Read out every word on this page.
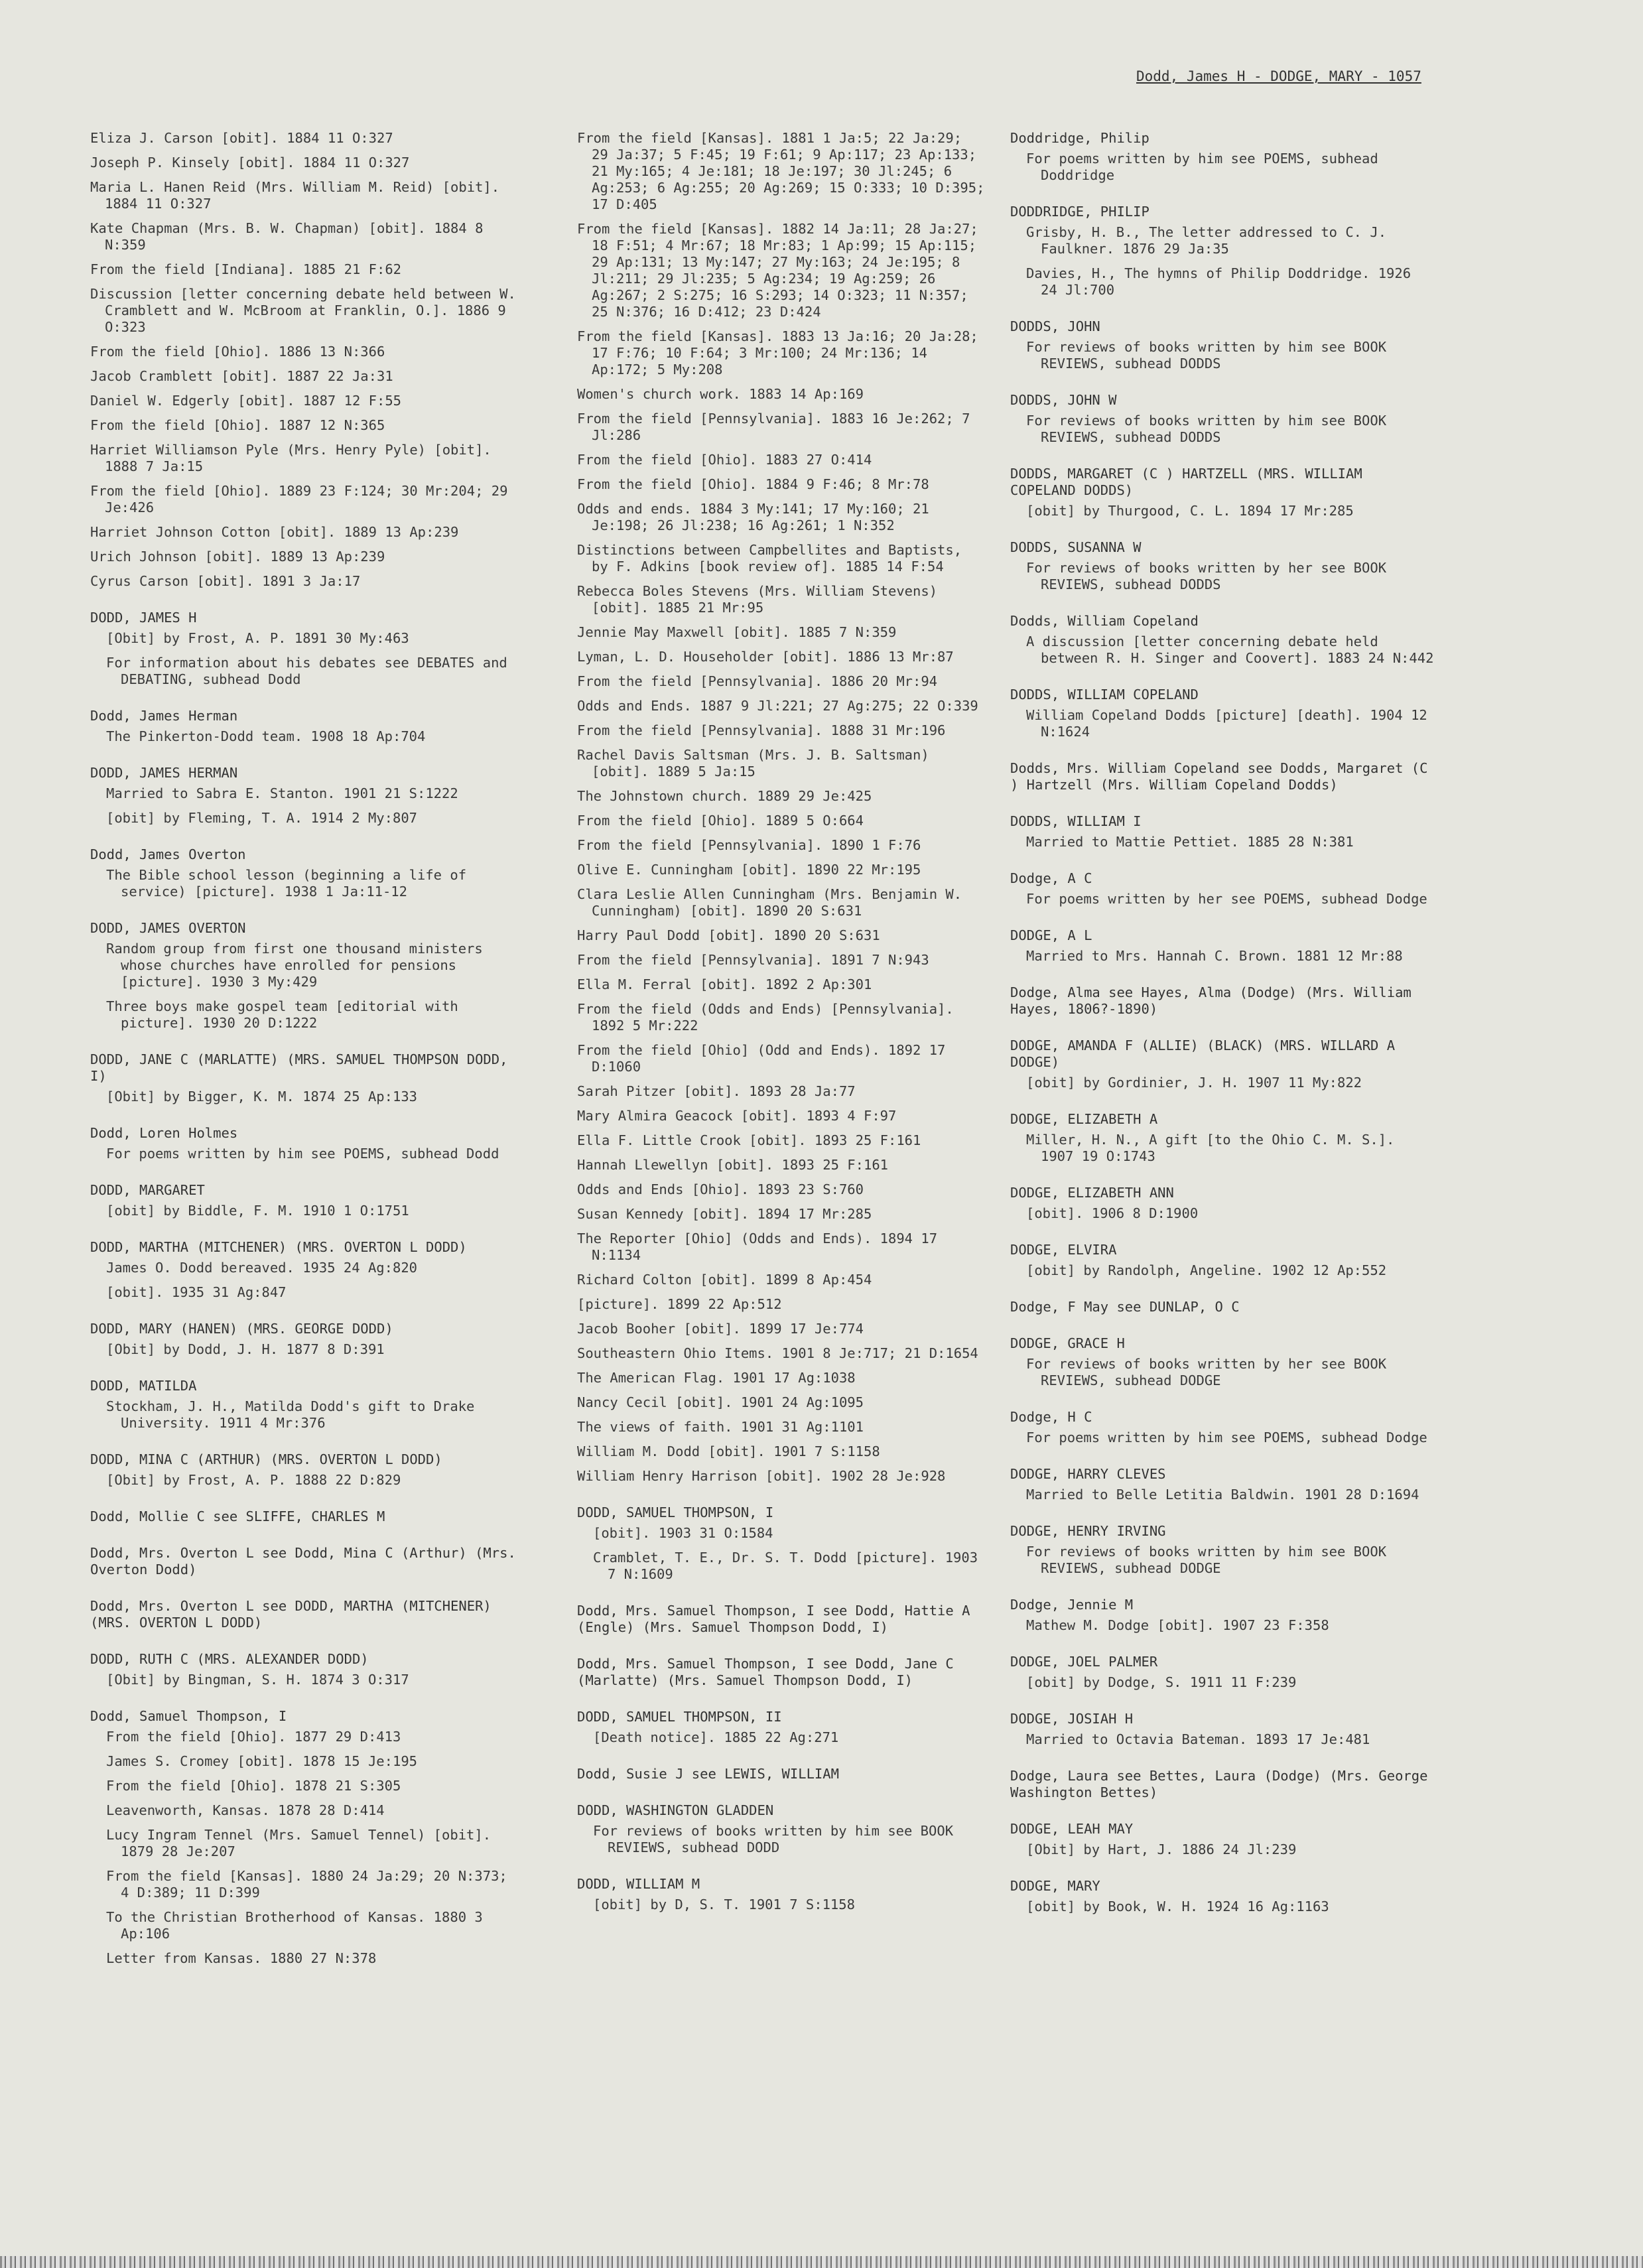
Dodd, James H - DODGE, MARY - 1057
Eliza J. Carson [obit]. 1884 11 O:327
Joseph P. Kinsely [obit]. 1884 11 O:327
Maria L. Hanen Reid (Mrs. William M. Reid) [obit]. 1884 11 O:327
Kate Chapman (Mrs. B. W. Chapman) [obit]. 1884 8 N:359
From the field [Indiana]. 1885 21 F:62
Discussion [letter concerning debate held between W. Cramblett and W. McBroom at Franklin, O.]. 1886 9 O:323
From the field [Ohio]. 1886 13 N:366
Jacob Cramblett [obit]. 1887 22 Ja:31
Daniel W. Edgerly [obit]. 1887 12 F:55
From the field [Ohio]. 1887 12 N:365
Harriet Williamson Pyle (Mrs. Henry Pyle) [obit]. 1888 7 Ja:15
From the field [Ohio]. 1889 23 F:124; 30 Mr:204; 29 Je:426
Harriet Johnson Cotton [obit]. 1889 13 Ap:239
Urich Johnson [obit]. 1889 13 Ap:239
Cyrus Carson [obit]. 1891 3 Ja:17
DODD, JAMES H
[Obit] by Frost, A. P. 1891 30 My:463
For information about his debates see DEBATES and DEBATING, subhead Dodd
Dodd, James Herman
The Pinkerton-Dodd team. 1908 18 Ap:704
DODD, JAMES HERMAN
Married to Sabra E. Stanton. 1901 21 S:1222
[obit] by Fleming, T. A. 1914 2 My:807
Dodd, James Overton
The Bible school lesson (beginning a life of service) [picture]. 1938 1 Ja:11-12
DODD, JAMES OVERTON
Random group from first one thousand ministers whose churches have enrolled for pensions [picture]. 1930 3 My:429
Three boys make gospel team [editorial with picture]. 1930 20 D:1222
DODD, JANE C (MARLATTE) (MRS. SAMUEL THOMPSON DODD, I)
[Obit] by Bigger, K. M. 1874 25 Ap:133
Dodd, Loren Holmes
For poems written by him see POEMS, subhead Dodd
DODD, MARGARET
[obit] by Biddle, F. M. 1910 1 O:1751
DODD, MARTHA (MITCHENER) (MRS. OVERTON L DODD)
James O. Dodd bereaved. 1935 24 Ag:820
[obit]. 1935 31 Ag:847
DODD, MARY (HANEN) (MRS. GEORGE DODD)
[Obit] by Dodd, J. H. 1877 8 D:391
DODD, MATILDA
Stockham, J. H., Matilda Dodd's gift to Drake University. 1911 4 Mr:376
DODD, MINA C (ARTHUR) (MRS. OVERTON L DODD)
[Obit] by Frost, A. P. 1888 22 D:829
Dodd, Mollie C see SLIFFE, CHARLES M
Dodd, Mrs. Overton L see Dodd, Mina C (Arthur) (Mrs. Overton Dodd)
Dodd, Mrs. Overton L see DODD, MARTHA (MITCHENER) (MRS. OVERTON L DODD)
DODD, RUTH C (MRS. ALEXANDER DODD)
[Obit] by Bingman, S. H. 1874 3 O:317
Dodd, Samuel Thompson, I
From the field [Ohio]. 1877 29 D:413
James S. Cromey [obit]. 1878 15 Je:195
From the field [Ohio]. 1878 21 S:305
Leavenworth, Kansas. 1878 28 D:414
Lucy Ingram Tennel (Mrs. Samuel Tennel) [obit]. 1879 28 Je:207
From the field [Kansas]. 1880 24 Ja:29; 20 N:373; 4 D:389; 11 D:399
To the Christian Brotherhood of Kansas. 1880 3 Ap:106
Letter from Kansas. 1880 27 N:378
From the field [Kansas]. 1881 1 Ja:5; 22 Ja:29; 29 Ja:37; 5 F:45; 19 F:61; 9 Ap:117; 23 Ap:133; 21 My:165; 4 Je:181; 18 Je:197; 30 Jl:245; 6 Ag:253; 6 Ag:255; 20 Ag:269; 15 O:333; 10 D:395; 17 D:405
From the field [Kansas]. 1882 14 Ja:11; 28 Ja:27; 18 F:51; 4 Mr:67; 18 Mr:83; 1 Ap:99; 15 Ap:115; 29 Ap:131; 13 My:147; 27 My:163; 24 Je:195; 8 Jl:211; 29 Jl:235; 5 Ag:234; 19 Ag:259; 26 Ag:267; 2 S:275; 16 S:293; 14 O:323; 11 N:357; 25 N:376; 16 D:412; 23 D:424
From the field [Kansas]. 1883 13 Ja:16; 20 Ja:28; 17 F:76; 10 F:64; 3 Mr:100; 24 Mr:136; 14 Ap:172; 5 My:208
Women's church work. 1883 14 Ap:169
From the field [Pennsylvania]. 1883 16 Je:262; 7 Jl:286
From the field [Ohio]. 1883 27 O:414
From the field [Ohio]. 1884 9 F:46; 8 Mr:78
Odds and ends. 1884 3 My:141; 17 My:160; 21 Je:198; 26 Jl:238; 16 Ag:261; 1 N:352
Distinctions between Campbellites and Baptists, by F. Adkins [book review of]. 1885 14 F:54
Rebecca Boles Stevens (Mrs. William Stevens) [obit]. 1885 21 Mr:95
Jennie May Maxwell [obit]. 1885 7 N:359
Lyman, L. D. Householder [obit]. 1886 13 Mr:87
From the field [Pennsylvania]. 1886 20 Mr:94
Odds and Ends. 1887 9 Jl:221; 27 Ag:275; 22 O:339
From the field [Pennsylvania]. 1888 31 Mr:196
Rachel Davis Saltsman (Mrs. J. B. Saltsman) [obit]. 1889 5 Ja:15
The Johnstown church. 1889 29 Je:425
From the field [Ohio]. 1889 5 O:664
From the field [Pennsylvania]. 1890 1 F:76
Olive E. Cunningham [obit]. 1890 22 Mr:195
Clara Leslie Allen Cunningham (Mrs. Benjamin W. Cunningham) [obit]. 1890 20 S:631
Harry Paul Dodd [obit]. 1890 20 S:631
From the field [Pennsylvania]. 1891 7 N:943
Ella M. Ferral [obit]. 1892 2 Ap:301
From the field (Odds and Ends) [Pennsylvania]. 1892 5 Mr:222
From the field [Ohio] (Odd and Ends). 1892 17 D:1060
Sarah Pitzer [obit]. 1893 28 Ja:77
Mary Almira Geacock [obit]. 1893 4 F:97
Ella F. Little Crook [obit]. 1893 25 F:161
Hannah Llewellyn [obit]. 1893 25 F:161
Odds and Ends [Ohio]. 1893 23 S:760
Susan Kennedy [obit]. 1894 17 Mr:285
The Reporter [Ohio] (Odds and Ends). 1894 17 N:1134
Richard Colton [obit]. 1899 8 Ap:454
[picture]. 1899 22 Ap:512
Jacob Booher [obit]. 1899 17 Je:774
Southeastern Ohio Items. 1901 8 Je:717; 21 D:1654
The American Flag. 1901 17 Ag:1038
Nancy Cecil [obit]. 1901 24 Ag:1095
The views of faith. 1901 31 Ag:1101
William M. Dodd [obit]. 1901 7 S:1158
William Henry Harrison [obit]. 1902 28 Je:928
DODD, SAMUEL THOMPSON, I
[obit]. 1903 31 O:1584
Cramblet, T. E., Dr. S. T. Dodd [picture]. 1903 7 N:1609
Dodd, Mrs. Samuel Thompson, I see Dodd, Hattie A (Engle) (Mrs. Samuel Thompson Dodd, I)
Dodd, Mrs. Samuel Thompson, I see Dodd, Jane C (Marlatte) (Mrs. Samuel Thompson Dodd, I)
DODD, SAMUEL THOMPSON, II
[Death notice]. 1885 22 Ag:271
Dodd, Susie J see LEWIS, WILLIAM
DODD, WASHINGTON GLADDEN
For reviews of books written by him see BOOK REVIEWS, subhead DODD
DODD, WILLIAM M
[obit] by D, S. T. 1901 7 S:1158
Doddridge, Philip
For poems written by him see POEMS, subhead Doddridge
DODDRIDGE, PHILIP
Grisby, H. B., The letter addressed to C. J. Faulkner. 1876 29 Ja:35
Davies, H., The hymns of Philip Doddridge. 1926 24 Jl:700
DODDS, JOHN
For reviews of books written by him see BOOK REVIEWS, subhead DODDS
DODDS, JOHN W
For reviews of books written by him see BOOK REVIEWS, subhead DODDS
DODDS, MARGARET (C ) HARTZELL (MRS. WILLIAM COPELAND DODDS)
[obit] by Thurgood, C. L. 1894 17 Mr:285
DODDS, SUSANNA W
For reviews of books written by her see BOOK REVIEWS, subhead DODDS
Dodds, William Copeland
A discussion [letter concerning debate held between R. H. Singer and Coovert]. 1883 24 N:442
DODDS, WILLIAM COPELAND
William Copeland Dodds [picture] [death]. 1904 12 N:1624
Dodds, Mrs. William Copeland see Dodds, Margaret (C ) Hartzell (Mrs. William Copeland Dodds)
DODDS, WILLIAM I
Married to Mattie Pettiet. 1885 28 N:381
Dodge, A C
For poems written by her see POEMS, subhead Dodge
DODGE, A L
Married to Mrs. Hannah C. Brown. 1881 12 Mr:88
Dodge, Alma see Hayes, Alma (Dodge) (Mrs. William Hayes, 1806?-1890)
DODGE, AMANDA F (ALLIE) (BLACK) (MRS. WILLARD A DODGE)
[obit] by Gordinier, J. H. 1907 11 My:822
DODGE, ELIZABETH A
Miller, H. N., A gift [to the Ohio C. M. S.]. 1907 19 O:1743
DODGE, ELIZABETH ANN
[obit]. 1906 8 D:1900
DODGE, ELVIRA
[obit] by Randolph, Angeline. 1902 12 Ap:552
Dodge, F May see DUNLAP, O C
DODGE, GRACE H
For reviews of books written by her see BOOK REVIEWS, subhead DODGE
Dodge, H C
For poems written by him see POEMS, subhead Dodge
DODGE, HARRY CLEVES
Married to Belle Letitia Baldwin. 1901 28 D:1694
DODGE, HENRY IRVING
For reviews of books written by him see BOOK REVIEWS, subhead DODGE
Dodge, Jennie M
Mathew M. Dodge [obit]. 1907 23 F:358
DODGE, JOEL PALMER
[obit] by Dodge, S. 1911 11 F:239
DODGE, JOSIAH H
Married to Octavia Bateman. 1893 17 Je:481
Dodge, Laura see Bettes, Laura (Dodge) (Mrs. George Washington Bettes)
DODGE, LEAH MAY
[Obit] by Hart, J. 1886 24 Jl:239
DODGE, MARY
[obit] by Book, W. H. 1924 16 Ag:1163
